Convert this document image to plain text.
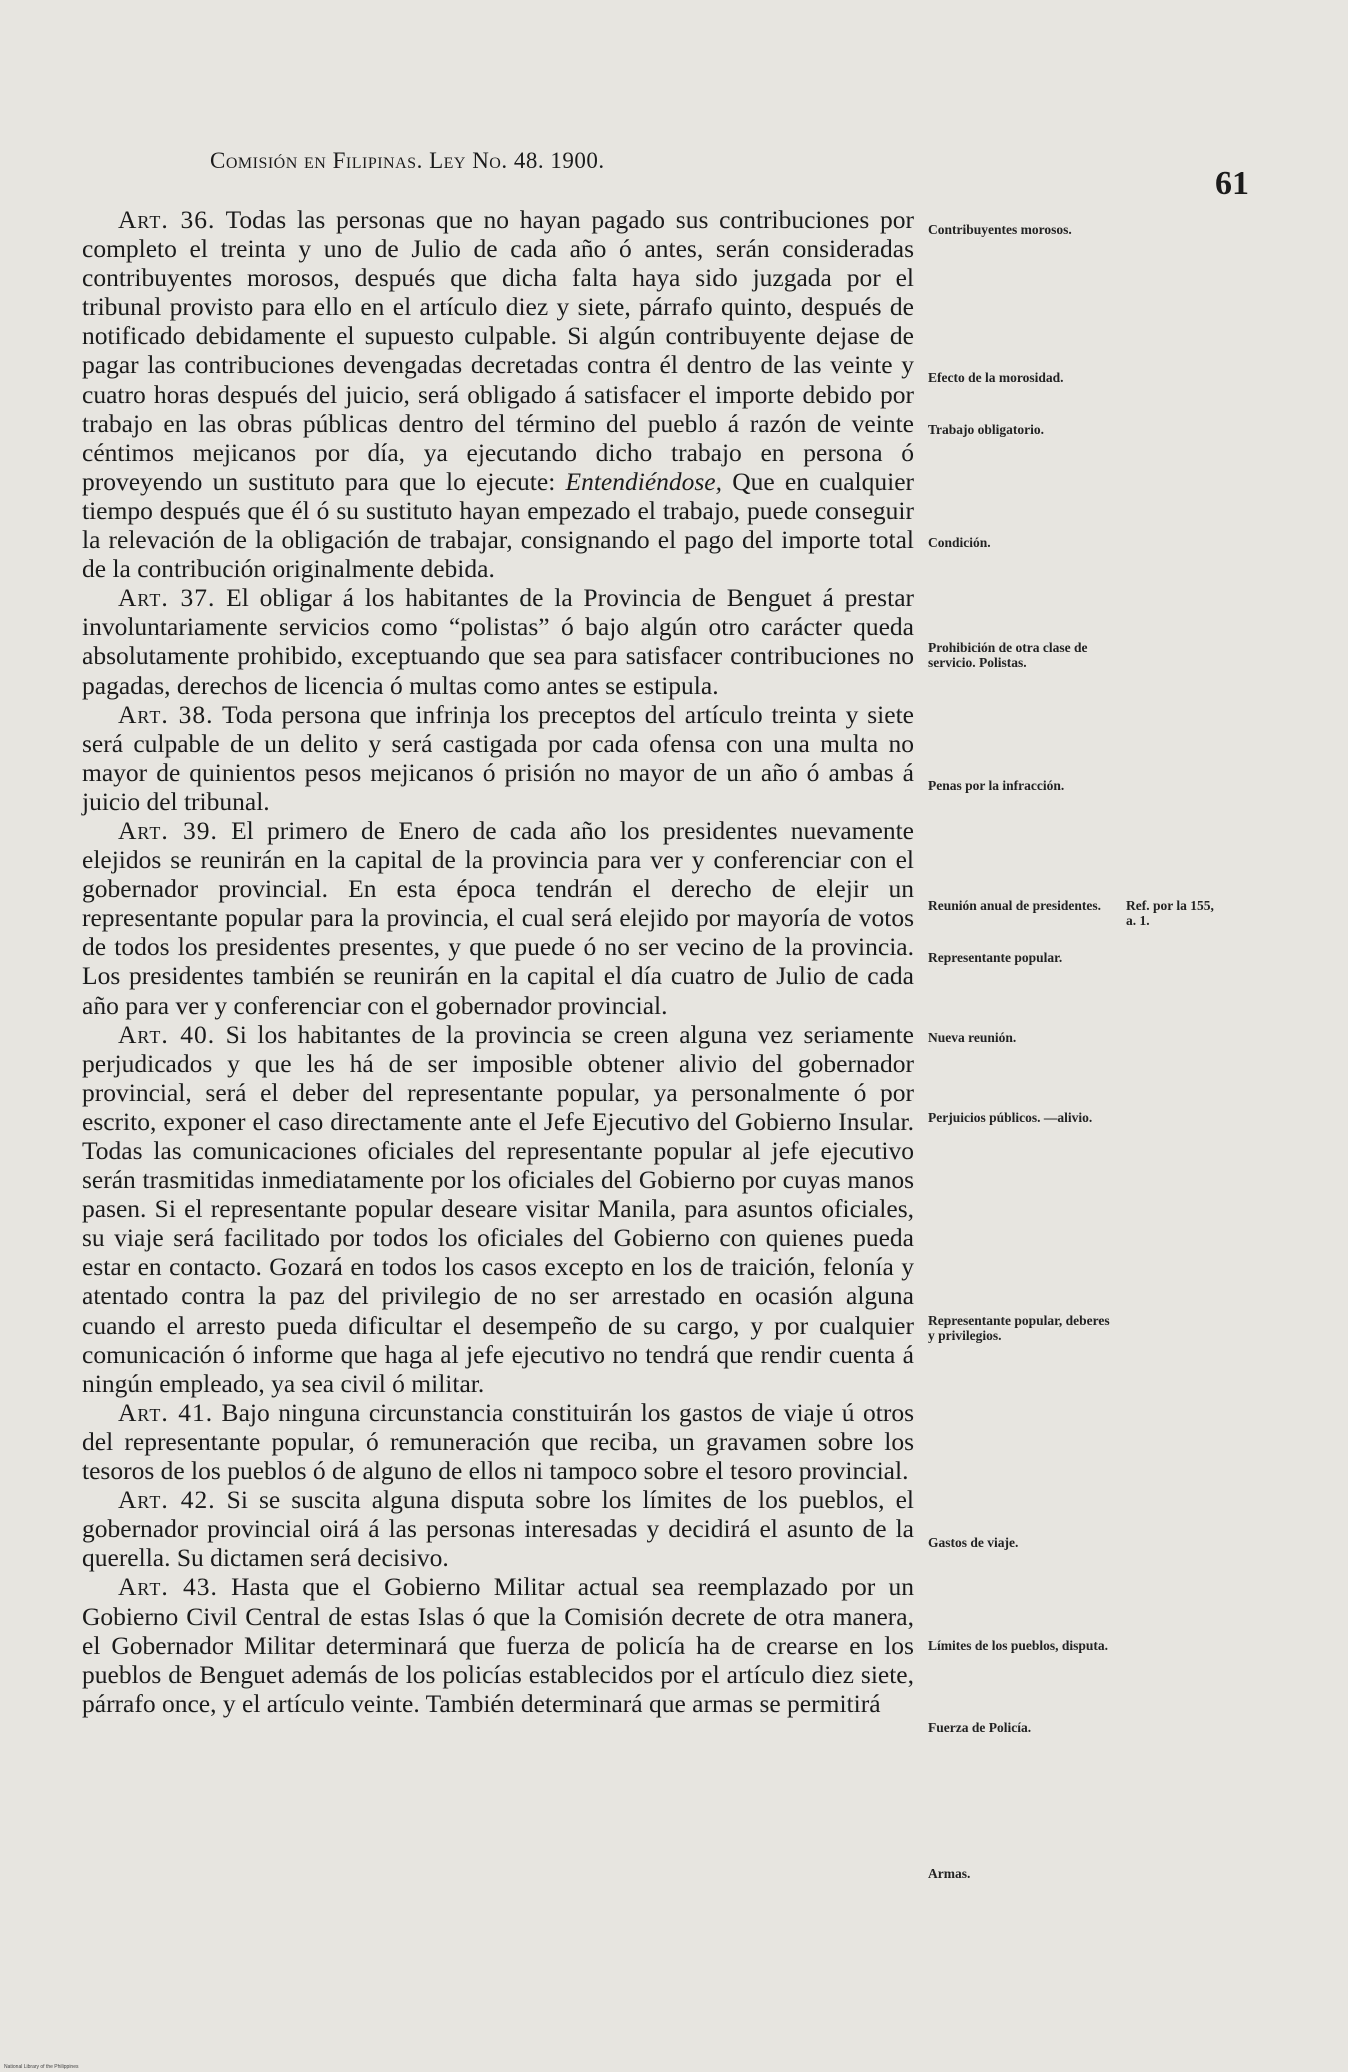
Comisión en Filipinas. Ley No. 48. 1900.
61

Art. 36. Todas las personas que no hayan pagado sus contribuciones por completo el treinta y uno de Julio de cada año ó antes, serán consideradas contribuyentes morosos, después que dicha falta haya sido juzgada por el tribunal provisto para ello en el artículo diez y siete, párrafo quinto, después de notificado debidamente el supuesto culpable. Si algún contribuyente dejase de pagar las contribuciones devengadas decretadas contra él dentro de las veinte y cuatro horas después del juicio, será obligado á satisfacer el importe debido por trabajo en las obras públicas dentro del término del pueblo á razón de veinte céntimos mejicanos por día, ya ejecutando dicho trabajo en persona ó proveyendo un sustituto para que lo ejecute: Entendiéndose, Que en cualquier tiempo después que él ó su sustituto hayan empezado el trabajo, puede conseguir la relevación de la obligación de trabajar, consignando el pago del importe total de la contribución originalmente debida.

Art. 37. El obligar á los habitantes de la Provincia de Benguet á prestar involuntariamente servicios como “polistas” ó bajo algún otro carácter queda absolutamente prohibido, exceptuando que sea para satisfacer contribuciones no pagadas, derechos de licencia ó multas como antes se estipula.

Art. 38. Toda persona que infrinja los preceptos del artículo treinta y siete será culpable de un delito y será castigada por cada ofensa con una multa no mayor de quinientos pesos mejicanos ó prisión no mayor de un año ó ambas á juicio del tribunal.

Art. 39. El primero de Enero de cada año los presidentes nuevamente elejidos se reunirán en la capital de la provincia para ver y conferenciar con el gobernador provincial. En esta época tendrán el derecho de elejir un representante popular para la provincia, el cual será elejido por mayoría de votos de todos los presidentes presentes, y que puede ó no ser vecino de la provincia. Los presidentes también se reunirán en la capital el día cuatro de Julio de cada año para ver y conferenciar con el gobernador provincial.

Art. 40. Si los habitantes de la provincia se creen alguna vez seriamente perjudicados y que les há de ser imposible obtener alivio del gobernador provincial, será el deber del representante popular, ya personalmente ó por escrito, exponer el caso directamente ante el Jefe Ejecutivo del Gobierno Insular. Todas las comunicaciones oficiales del representante popular al jefe ejecutivo serán trasmitidas inmediatamente por los oficiales del Gobierno por cuyas manos pasen. Si el representante popular deseare visitar Manila, para asuntos oficiales, su viaje será facilitado por todos los oficiales del Gobierno con quienes pueda estar en contacto. Gozará en todos los casos excepto en los de traición, felonía y atentado contra la paz del privilegio de no ser arrestado en ocasión alguna cuando el arresto pueda dificultar el desempeño de su cargo, y por cualquier comunicación ó informe que haga al jefe ejecutivo no tendrá que rendir cuenta á ningún empleado, ya sea civil ó militar.

Art. 41. Bajo ninguna circunstancia constituirán los gastos de viaje ú otros del representante popular, ó remuneración que reciba, un gravamen sobre los tesoros de los pueblos ó de alguno de ellos ni tampoco sobre el tesoro provincial.

Art. 42. Si se suscita alguna disputa sobre los límites de los pueblos, el gobernador provincial oirá á las personas interesadas y decidirá el asunto de la querella. Su dictamen será decisivo.

Art. 43. Hasta que el Gobierno Militar actual sea reemplazado por un Gobierno Civil Central de estas Islas ó que la Comisión decrete de otra manera, el Gobernador Militar determinará que fuerza de policía ha de crearse en los pueblos de Benguet además de los policías establecidos por el artículo diez siete, párrafo once, y el artículo veinte. También determinará que armas se permitirá

Contribuyentes morosos.
Efecto de la morosidad.
Trabajo obligatorio.
Condición.
Prohibición de otra clase de servicio. Polistas.
Penas por la infracción.
Reunión anual de presidentes.
Representante popular.
Nueva reunión.
Perjuicios públicos. —alivio.
Representante popular, deberes y privilegios.
Gastos de viaje.
Límites de los pueblos, disputa.
Fuerza de Policía.
Armas.
Ref. por la 155, a. 1.
National Library of the Philippines
